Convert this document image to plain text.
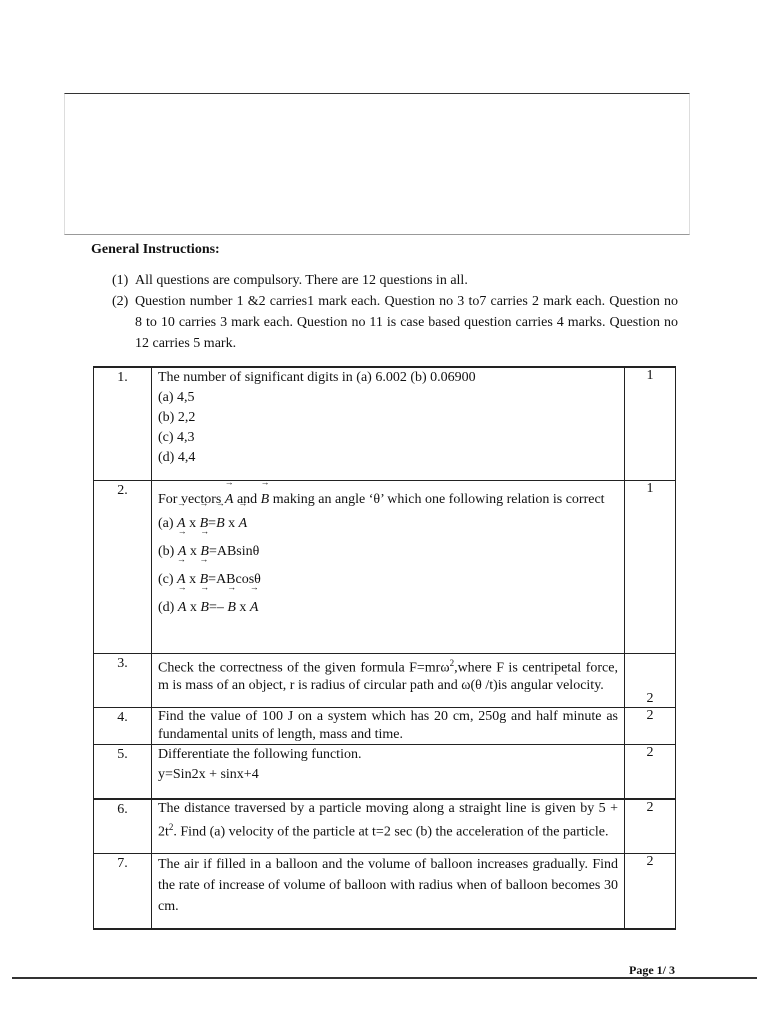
General Instructions:
(1) All questions are compulsory. There are 12 questions in all.
(2) Question number 1 &2 carries1 mark each. Question no 3 to7 carries 2 mark each. Question no 8 to 10 carries 3 mark each. Question no 11 is case based question carries 4 marks. Question no 12 carries 5 mark.
1.	The number of significant digits in (a) 6.002 (b) 0.06900
(a) 4,5
(b) 2,2
(c) 4,3
(d) 4,4	1
2.	For vectors → A and → B making an angle ‘θ’ which one following relation is correct
(a) → A x → B=→ B x → A
(b) → A x → B=ABsinθ
(c) → A x → B=ABcosθ
(d) → A x → B=– → B x → A	1
3.	Check the correctness of the given formula F=mrω$^2$,where F is centripetal force, m is mass of an object, r is radius of circular path and ω(θ /t)is angular velocity.	2
4.	Find the value of 100 J on a system which has 20 cm, 250g and half minute as fundamental units of length, mass and time.	2
5.	Differentiate the following function.
y=Sin2x + sinx+4	2
6.	The distance traversed by a particle moving along a straight line is given by $5 + 2t^2$. Find (a) velocity of the particle at t=2 sec (b) the acceleration of the particle.	2
7.	The air if filled in a balloon and the volume of balloon increases gradually. Find the rate of increase of volume of balloon with radius when of balloon becomes 30 cm.	2
Page 1/ 3
